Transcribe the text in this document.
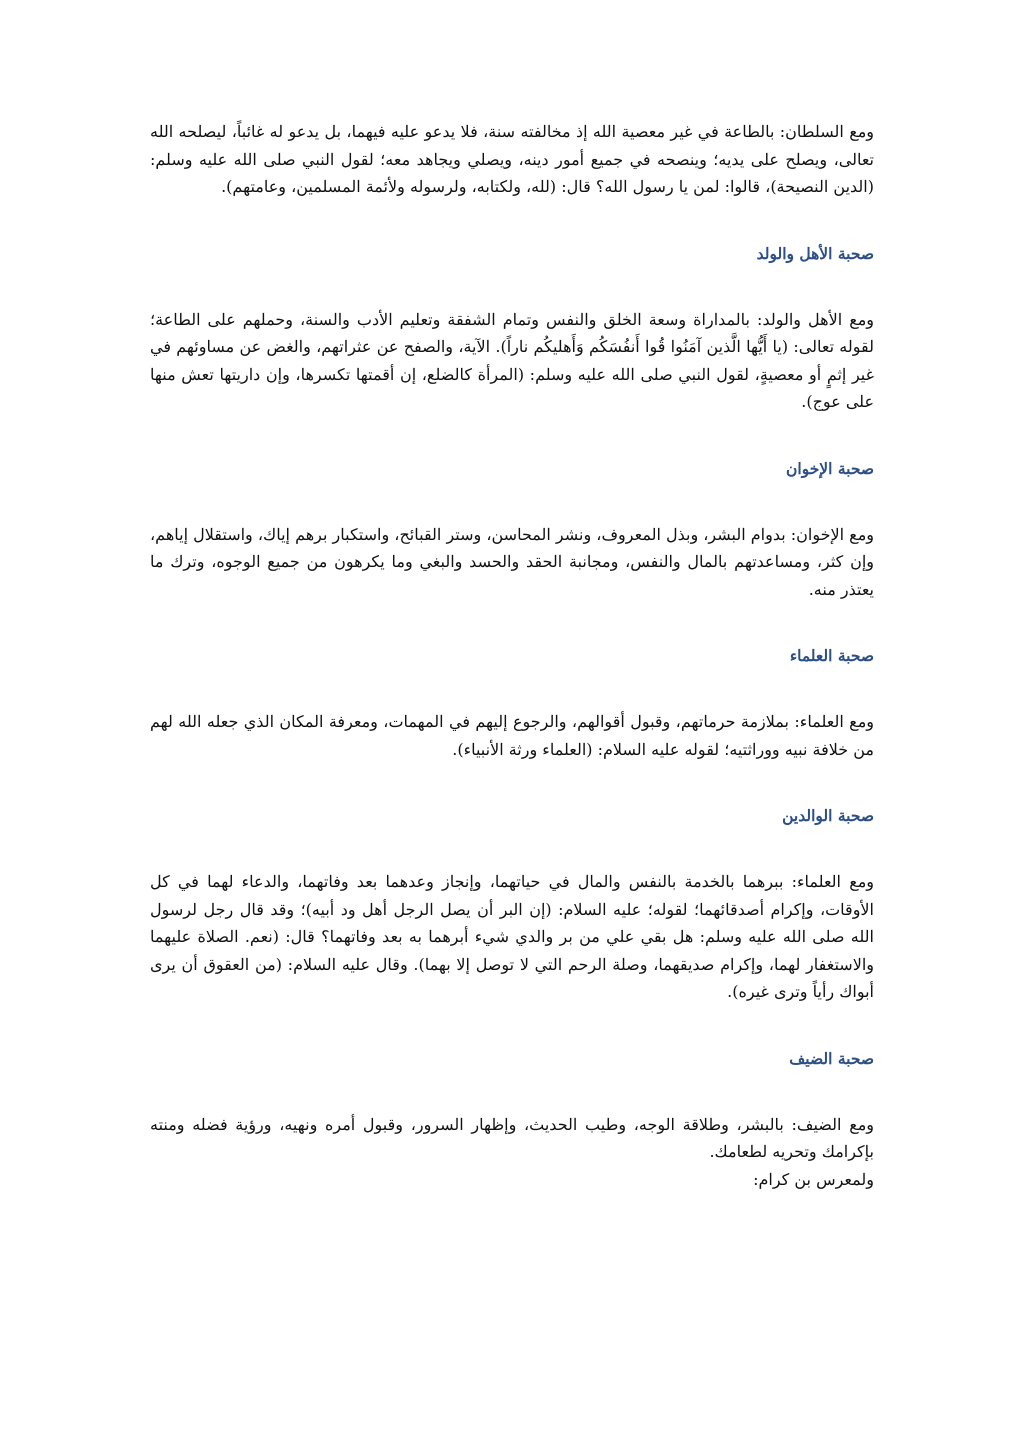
ومع السلطان: بالطاعة في غير معصية الله إذ مخالفته سنة، فلا يدعو عليه فيهما، بل يدعو له غائباً، ليصلحه الله تعالى، ويصلح على يديه؛ وينصحه في جميع أمور دينه، ويصلي ويجاهد معه؛ لقول النبي صلى الله عليه وسلم: (الدين النصيحة)، قالوا: لمن يا رسول الله؟ قال: (لله، ولكتابه، ولرسوله ولأئمة المسلمين، وعامتهم).

صحبة الأهل والولد

ومع الأهل والولد: بالمداراة وسعة الخلق والنفس وتمام الشفقة وتعليم الأدب والسنة، وحملهم على الطاعة؛ لقوله تعالى: (يا أَيُّها الَّذين آمَنُوا قُوا أَنفُسَكُم وَأَهليكُم ناراً). الآية، والصفح عن عثراتهم، والغض عن مساوئهم في غير إثمٍ أو معصيةٍ، لقول النبي صلى الله عليه وسلم: (المرأة كالضلع، إن أقمتها تكسرها، وإن داريتها تعش منها على عوج).

صحبة الإخوان

ومع الإخوان: بدوام البشر، وبذل المعروف، ونشر المحاسن، وستر القبائح، واستكبار برهم إياك، واستقلال إياهم، وإن كثر، ومساعدتهم بالمال والنفس، ومجانبة الحقد والحسد والبغي وما يكرهون من جميع الوجوه، وترك ما يعتذر منه.

صحبة العلماء

ومع العلماء: بملازمة حرماتهم، وقبول أقوالهم، والرجوع إليهم في المهمات، ومعرفة المكان الذي جعله الله لهم من خلافة نبيه ووراثتيه؛ لقوله عليه السلام: (العلماء ورثة الأنبياء).

صحبة الوالدين

ومع العلماء: ببرهما بالخدمة بالنفس والمال في حياتهما، وإنجاز وعدهما بعد وفاتهما، والدعاء لهما في كل الأوقات، وإكرام أصدقائهما؛ لقوله؛ عليه السلام: (إن البر أن يصل الرجل أهل ود أبيه)؛ وقد قال رجل لرسول الله صلى الله عليه وسلم: هل بقي علي من بر والدي شيء أبرهما به بعد وفاتهما؟ قال: (نعم. الصلاة عليهما والاستغفار لهما، وإكرام صديقهما، وصلة الرحم التي لا توصل إلا بهما). وقال عليه السلام: (من العقوق أن يرى أبواك رأياً وترى غيره).

صحبة الضيف

ومع الضيف: بالبشر، وطلاقة الوجه، وطيب الحديث، وإظهار السرور، وقبول أمره ونهيه، ورؤية فضله ومنته بإكرامك وتحريه لطعامك.

ولمعرس بن كرام:
